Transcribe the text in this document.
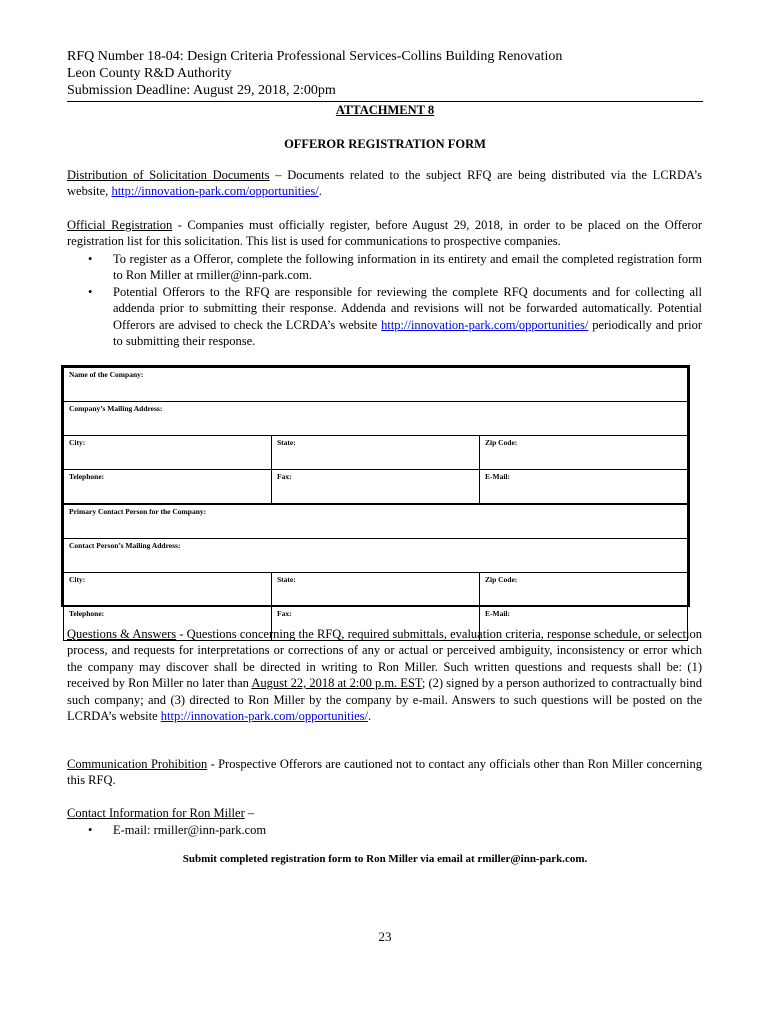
RFQ Number 18-04: Design Criteria Professional Services-Collins Building Renovation
Leon County R&D Authority
Submission Deadline: August 29, 2018, 2:00pm
ATTACHMENT 8
OFFEROR REGISTRATION FORM
Distribution of Solicitation Documents – Documents related to the subject RFQ are being distributed via the LCRDA’s website, http://innovation-park.com/opportunities/.
Official Registration - Companies must officially register, before August 29, 2018, in order to be placed on the Offeror registration list for this solicitation. This list is used for communications to prospective companies.
• To register as a Offeror, complete the following information in its entirety and email the completed registration form to Ron Miller at rmiller@inn-park.com.
• Potential Offerors to the RFQ are responsible for reviewing the complete RFQ documents and for collecting all addenda prior to submitting their response. Addenda and revisions will not be forwarded automatically. Potential Offerors are advised to check the LCRDA’s website http://innovation-park.com/opportunities/ periodically and prior to submitting their response.
Name of the Company:		
Company’s Mailing Address:		
City:	State:	Zip Code:
Telephone:	Fax:	E-Mail:
Primary Contact Person for the Company:		
Contact Person’s Mailing Address:		
City:	State:	Zip Code:
Telephone:	Fax:	E-Mail:
Questions & Answers - Questions concerning the RFQ, required submittals, evaluation criteria, response schedule, or selection process, and requests for interpretations or corrections of any or actual or perceived ambiguity, inconsistency or error which the company may discover shall be directed in writing to Ron Miller. Such written questions and requests shall be: (1) received by Ron Miller no later than August 22, 2018 at 2:00 p.m. EST; (2) signed by a person authorized to contractually bind such company; and (3) directed to Ron Miller by the company by e-mail. Answers to such questions will be posted on the LCRDA’s website http://innovation-park.com/opportunities/.
Communication Prohibition - Prospective Offerors are cautioned not to contact any officials other than Ron Miller concerning this RFQ.
Contact Information for Ron Miller –
• E-mail: rmiller@inn-park.com
Submit completed registration form to Ron Miller via email at rmiller@inn-park.com.
23
